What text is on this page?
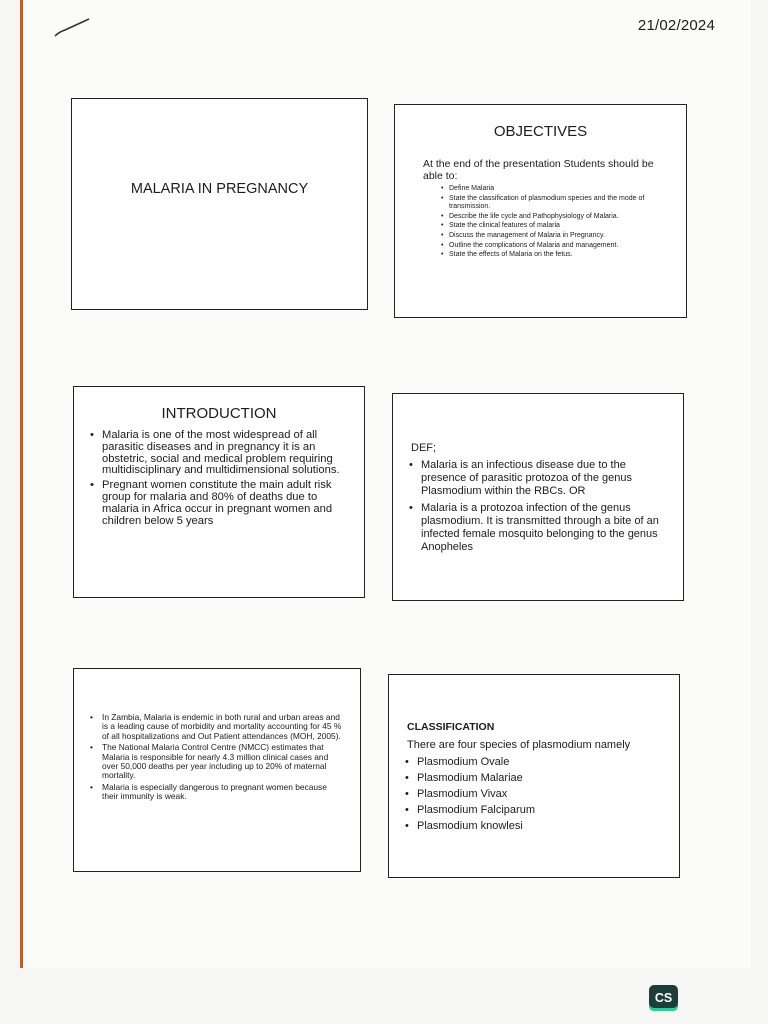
21/02/2024
MALARIA IN PREGNANCY
OBJECTIVES
At the end of the presentation Students should be able to:
• Define Malaria
• State the classification of plasmodium species and the mode of transmission.
• Describe the life cycle and Pathophysiology of Malaria.
• State the clinical features of malaria
• Discuss the management of Malaria in Pregnancy.
• Outline the complications of Malaria and management.
• State the effects of Malaria on the fetus.
INTRODUCTION
• Malaria is one of the most widespread of all parasitic diseases and in pregnancy it is an obstetric, social and medical problem requiring multidisciplinary and multidimensional solutions.
• Pregnant women constitute the main adult risk group for malaria and 80% of deaths due to malaria in Africa occur in pregnant women and children below 5 years
DEF;
• Malaria is an infectious disease due to the presence of parasitic protozoa of the genus Plasmodium within the RBCs. OR
• Malaria is a protozoa infection of the genus plasmodium. It is transmitted through a bite of an infected female mosquito belonging to the genus Anopheles
• In Zambia, Malaria is endemic in both rural and urban areas and is a leading cause of morbidity and mortality accounting for 45 % of all hospitalizations and Out Patient attendances (MOH, 2005).
• The National Malaria Control Centre (NMCC) estimates that Malaria is responsible for nearly 4.3 million clinical cases and over 50,000 deaths per year including up to 20% of maternal mortality.
• Malaria is especially dangerous to pregnant women because their immunity is weak.
CLASSIFICATION
There are four species of plasmodium namely
• Plasmodium Ovale
• Plasmodium Malariae
• Plasmodium Vivax
• Plasmodium Falciparum
• Plasmodium knowlesi
CS
